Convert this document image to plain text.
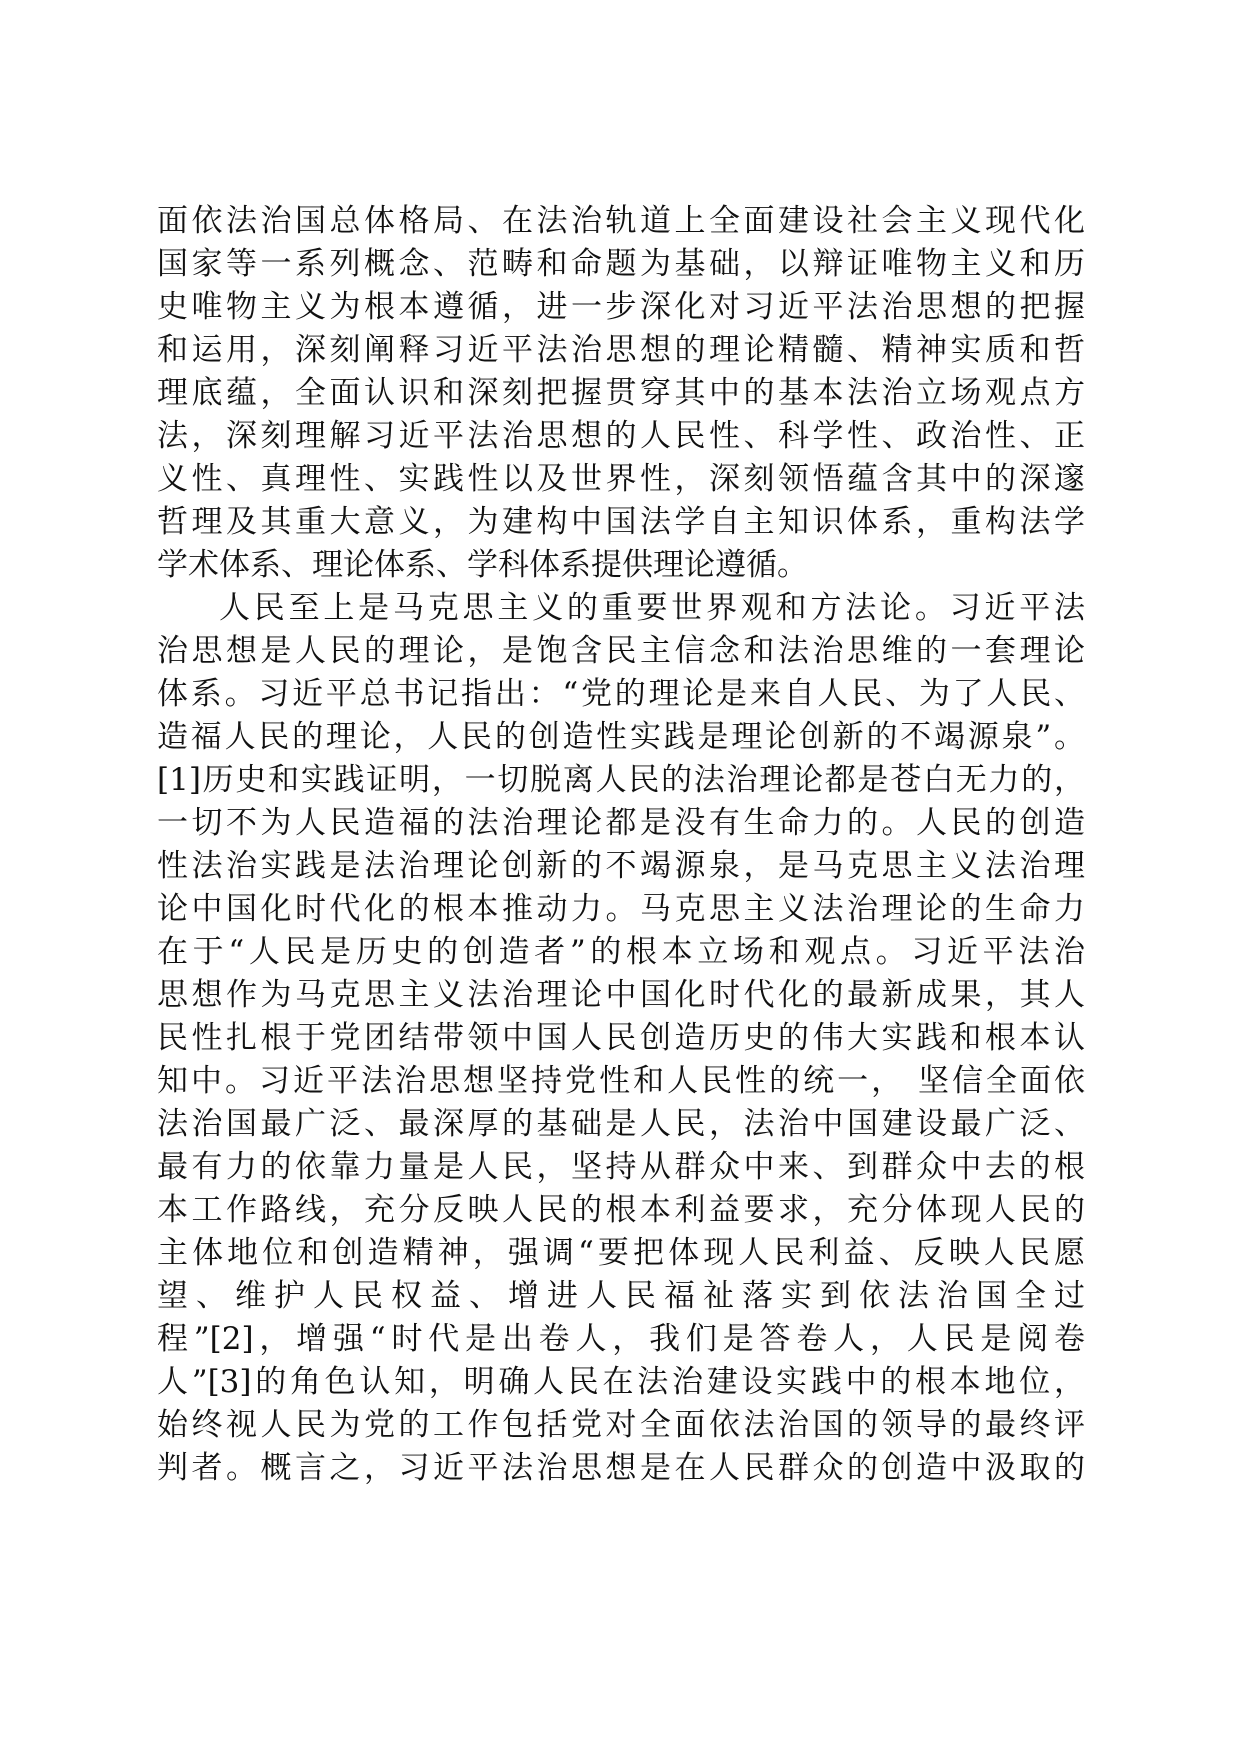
面依法治国总体格局、在法治轨道上全面建设社会主义现代化
国家等一系列概念、范畴和命题为基础，以辩证唯物主义和历
史唯物主义为根本遵循，进一步深化对习近平法治思想的把握
和运用，深刻阐释习近平法治思想的理论精髓、精神实质和哲
理底蕴，全面认识和深刻把握贯穿其中的基本法治立场观点方
法，深刻理解习近平法治思想的人民性、科学性、政治性、正
义性、真理性、实践性以及世界性，深刻领悟蕴含其中的深邃
哲理及其重大意义，为建构中国法学自主知识体系，重构法学
学术体系、理论体系、学科体系提供理论遵循。
人民至上是马克思主义的重要世界观和方法论。习近平法
治思想是人民的理论，是饱含民主信念和法治思维的一套理论
体系。习近平总书记指出：“党的理论是来自人民、为了人民、
造福人民的理论，人民的创造性实践是理论创新的不竭源泉”。
[1]历史和实践证明，一切脱离人民的法治理论都是苍白无力的，
一切不为人民造福的法治理论都是没有生命力的。人民的创造
性法治实践是法治理论创新的不竭源泉，是马克思主义法治理
论中国化时代化的根本推动力。马克思主义法治理论的生命力
在于“人民是历史的创造者”的根本立场和观点。习近平法治
思想作为马克思主义法治理论中国化时代化的最新成果，其人
民性扎根于党团结带领中国人民创造历史的伟大实践和根本认
知中。习近平法治思想坚持党性和人民性的统一， 坚信全面依
法治国最广泛、最深厚的基础是人民，法治中国建设最广泛、
最有力的依靠力量是人民，坚持从群众中来、到群众中去的根
本工作路线，充分反映人民的根本利益要求，充分体现人民的
主体地位和创造精神，强调“要把体现人民利益、反映人民愿
望、维护人民权益、增进人民福祉落实到依法治国全过
程”[2]，增强“时代是出卷人，我们是答卷人，人民是阅卷
人”[3]的角色认知，明确人民在法治建设实践中的根本地位，
始终视人民为党的工作包括党对全面依法治国的领导的最终评
判者。概言之，习近平法治思想是在人民群众的创造中汲取的
